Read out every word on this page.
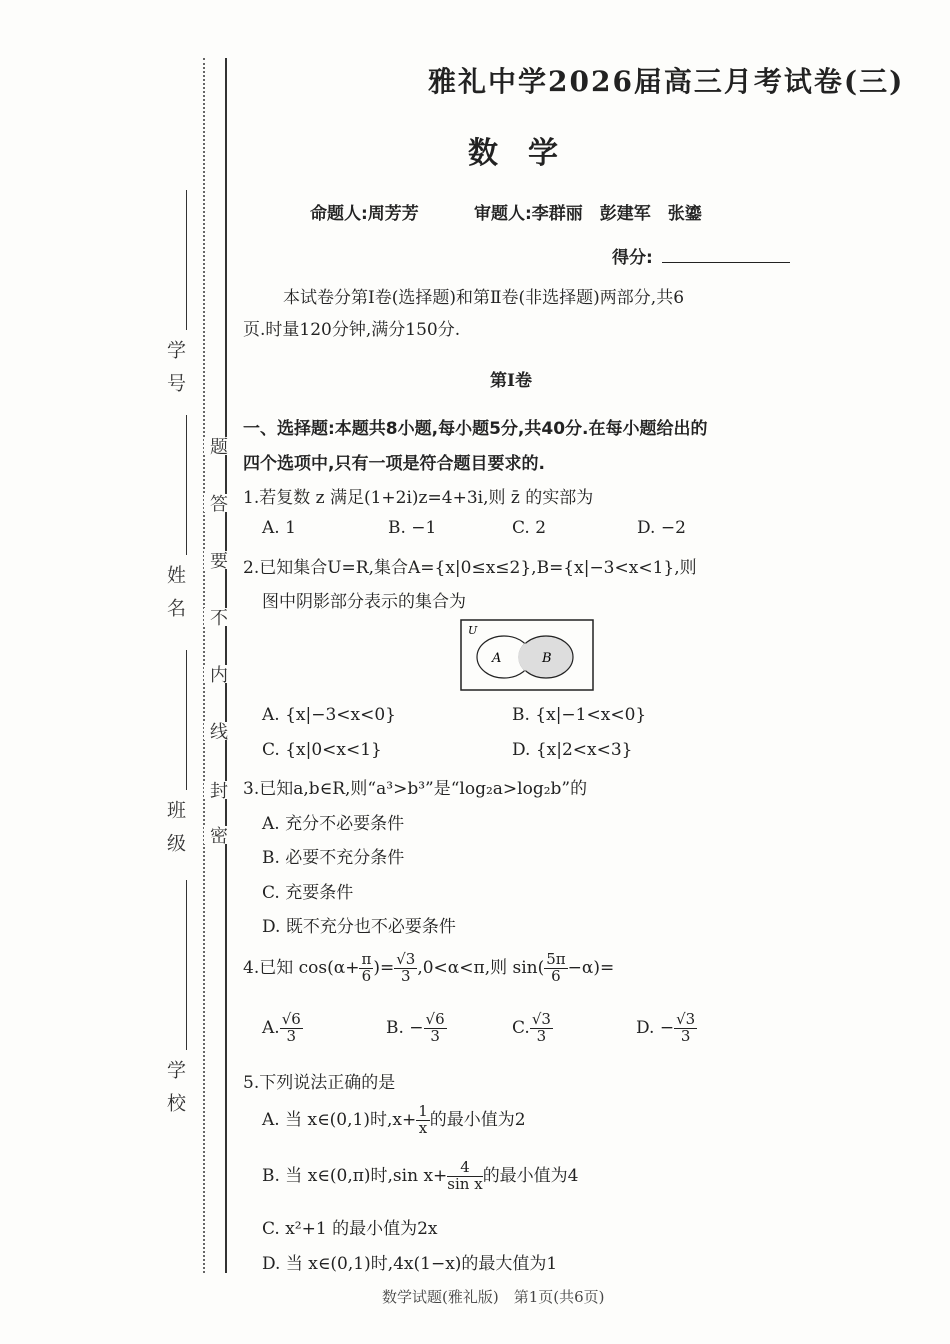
学号
姓名
班级
学校
密
封
线
内
不
要
答
题
雅礼中学2026届高三月考试卷(三)
数学
命题人:周芳芳	审题人:李群丽　彭建军　张鎏
得分:
本试卷分第Ⅰ卷(选择题)和第Ⅱ卷(非选择题)两部分,共6
页.时量120分钟,满分150分.
第Ⅰ卷
一、选择题:本题共8小题,每小题5分,共40分.在每小题给出的
四个选项中,只有一项是符合题目要求的.
1.若复数 z 满足(1+2i)z=4+3i,则 z̄ 的实部为
A. 1	B. −1	C. 2	D. −2
2.已知集合U=R,集合A={x|0≤x≤2},B={x|−3<x<1},则
图中阴影部分表示的集合为
U
A	B
A. {x|−3<x<0}	B. {x|−1<x<0}
C. {x|0<x<1}	D. {x|2<x<3}
3.已知a,b∈R,则“a³>b³”是“log₂a>log₂b”的
A. 充分不必要条件
B. 必要不充分条件
C. 充要条件
D. 既不充分也不必要条件
4.已知 $\cos(\alpha+ \frac{\pi}{6}$ )= $\frac{√3}{3} ,0<\alpha<\pi$,则 $\sin( \frac{5\pi}{6} -\alpha)=$
A. $\frac{√6}{3}$	B. − $\frac{√6}{3}$	C. $\frac{√3}{3}$	D. − $\frac{√3}{3}$
5.下列说法正确的是
A. 当 x∈(0,1)时$,x+ \frac{1}{x}$ 的最小值为2
B. 当 x∈(0,π)时,sin $x+ \frac{4}{\text{sin x}}$ 的最小值为4
C. x²+1 的最小值为2x
D. 当 x∈(0,1)时,4x(1−x)的最大值为1
数学试题(雅礼版)　第1页(共6页)
